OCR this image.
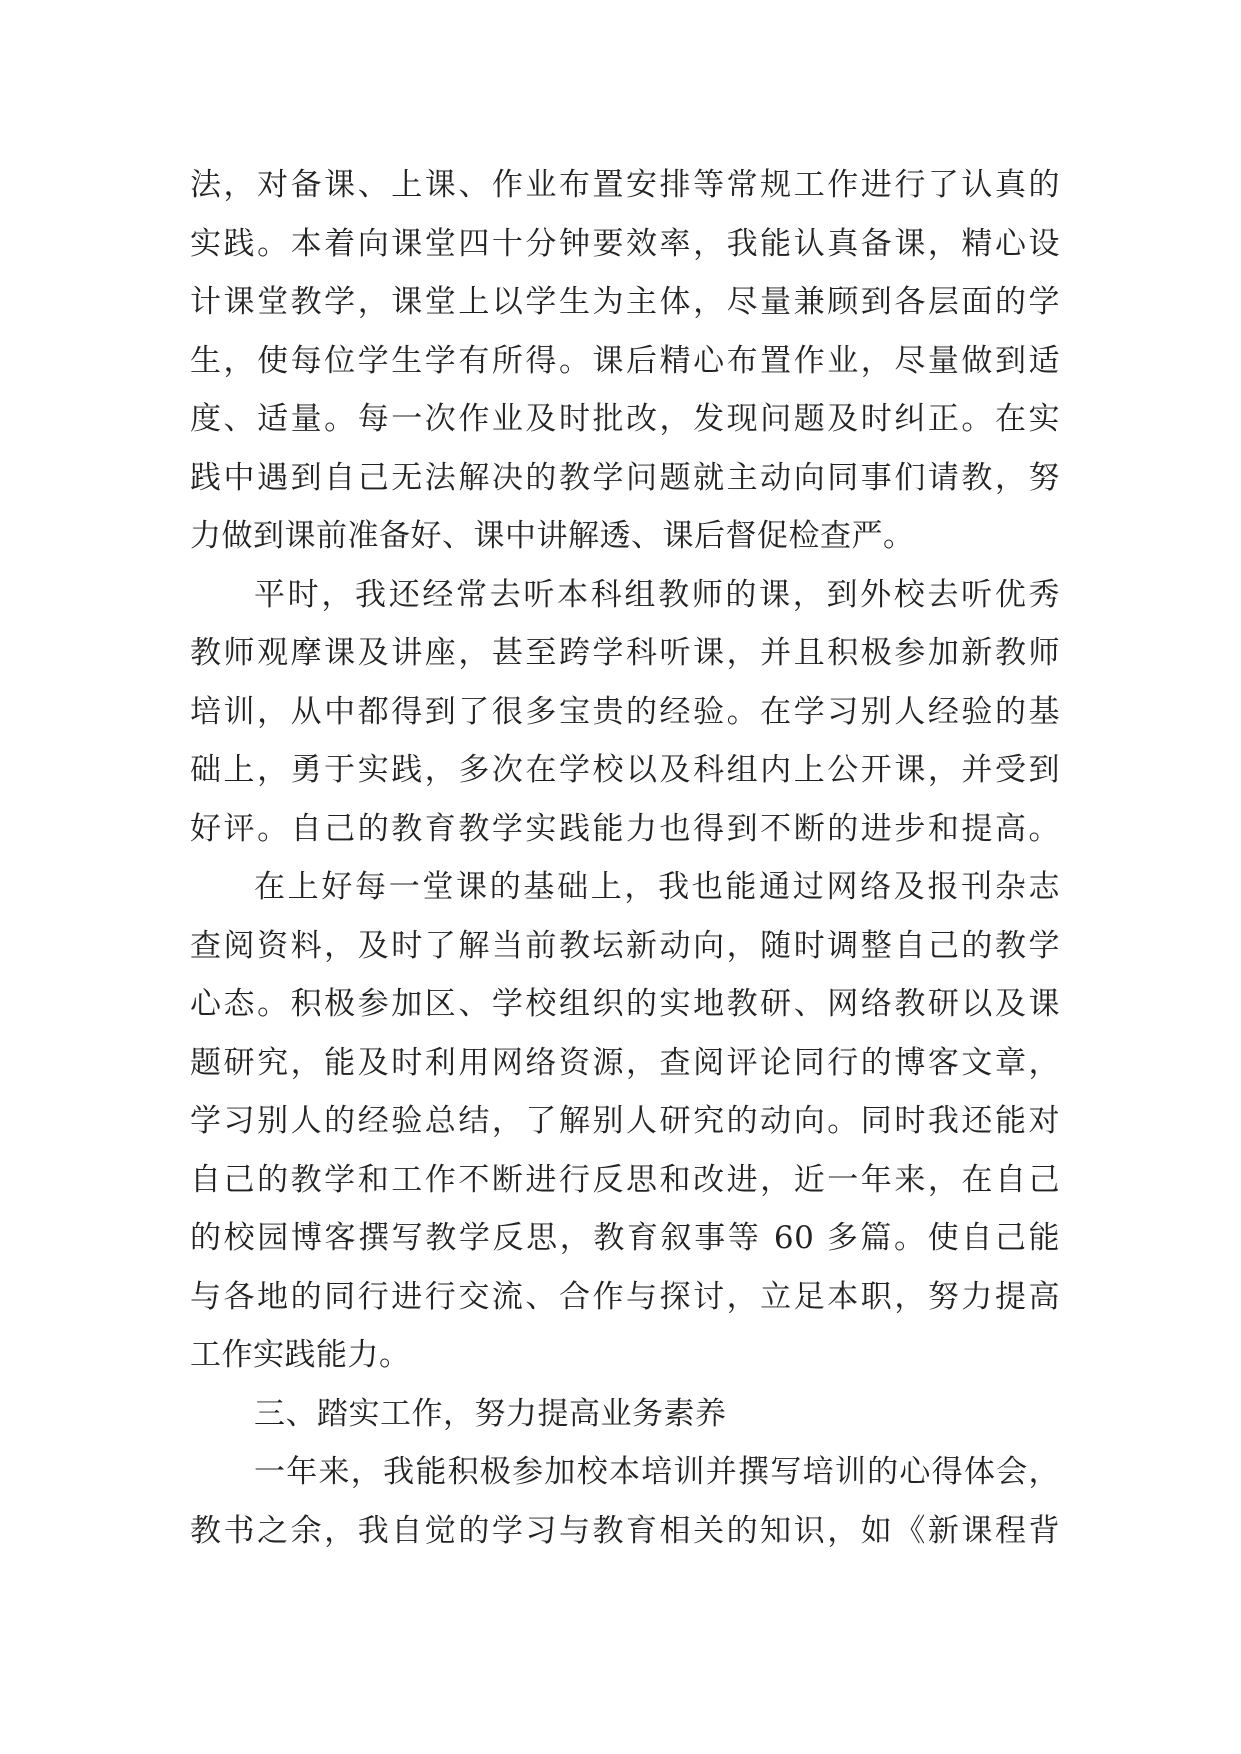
法，对备课、上课、作业布置安排等常规工作进行了认真的
实践。本着向课堂四十分钟要效率，我能认真备课，精心设
计课堂教学，课堂上以学生为主体，尽量兼顾到各层面的学
生，使每位学生学有所得。课后精心布置作业，尽量做到适
度、适量。每一次作业及时批改，发现问题及时纠正。在实
践中遇到自己无法解决的教学问题就主动向同事们请教，努
力做到课前准备好、课中讲解透、课后督促检查严。
平时，我还经常去听本科组教师的课，到外校去听优秀
教师观摩课及讲座，甚至跨学科听课，并且积极参加新教师
培训，从中都得到了很多宝贵的经验。在学习别人经验的基
础上，勇于实践，多次在学校以及科组内上公开课，并受到
好评。自己的教育教学实践能力也得到不断的进步和提高。
在上好每一堂课的基础上，我也能通过网络及报刊杂志
查阅资料，及时了解当前教坛新动向，随时调整自己的教学
心态。积极参加区、学校组织的实地教研、网络教研以及课
题研究，能及时利用网络资源，查阅评论同行的博客文章，
学习别人的经验总结，了解别人研究的动向。同时我还能对
自己的教学和工作不断进行反思和改进，近一年来，在自己
的校园博客撰写教学反思，教育叙事等 60 多篇。使自己能
与各地的同行进行交流、合作与探讨，立足本职，努力提高
工作实践能力。
三、踏实工作，努力提高业务素养
一年来，我能积极参加校本培训并撰写培训的心得体会，
教书之余，我自觉的学习与教育相关的知识，如《新课程背
